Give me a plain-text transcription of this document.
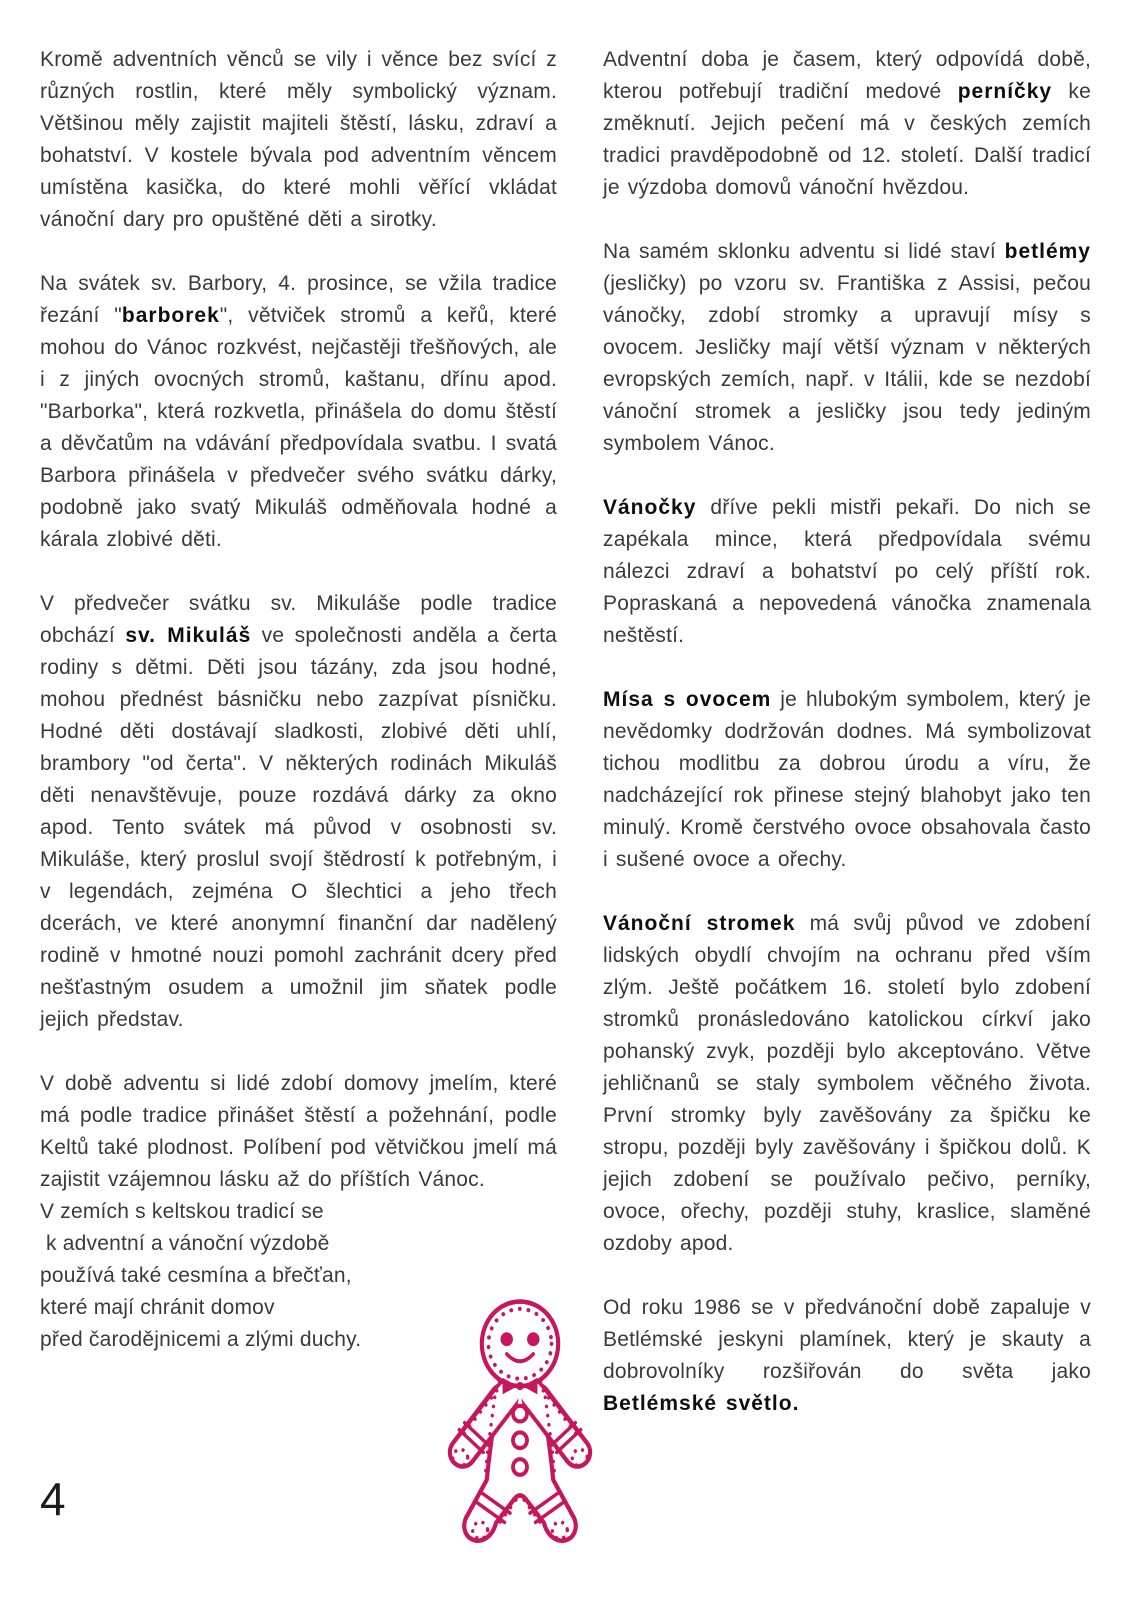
Kromě adventních věnců se vily i věnce bez svící z různých rostlin, které měly symbolický význam. Většinou měly zajistit majiteli štěstí, lásku, zdraví a bohatství. V kostele bývala pod adventním věncem umístěna kasička, do které mohli věřící vkládat vánoční dary pro opuštěné děti a sirotky.

Na svátek sv. Barbory, 4. prosince, se vžila tradice řezání "barborek", větviček stromů a keřů, které mohou do Vánoc rozkvést, nejčastěji třešňových, ale i z jiných ovocných stromů, kaštanu, dřínu apod. "Barborka", která rozkvetla, přinášela do domu štěstí a děvčatům na vdávání předpovídala svatbu. I svatá Barbora přinášela v předvečer svého svátku dárky, podobně jako svatý Mikuláš odměňovala hodné a kárala zlobivé děti.

V předvečer svátku sv. Mikuláše podle tradice obchází sv. Mikuláš ve společnosti anděla a čerta rodiny s dětmi. Děti jsou tázány, zda jsou hodné, mohou přednést básničku nebo zazpívat písničku. Hodné děti dostávají sladkosti, zlobivé děti uhlí, brambory "od čerta". V některých rodinách Mikuláš děti nenavštěvuje, pouze rozdává dárky za okno apod. Tento svátek má původ v osobnosti sv. Mikuláše, který proslul svojí štědrostí k potřebným, i v legendách, zejména O šlechtici a jeho třech dcerách, ve které anonymní finanční dar nadělený rodině v hmotné nouzi pomohl zachránit dcery před nešťastným osudem a umožnil jim sňatek podle jejich představ.

V době adventu si lidé zdobí domovy jmelím, které má podle tradice přinášet štěstí a požehnání, podle Keltů také plodnost. Políbení pod větvičkou jmelí má zajistit vzájemnou lásku až do příštích Vánoc.

V zemích s keltskou tradicí se
k adventní a vánoční výzdobě
používá také cesmína a břečťan,
které mají chránit domov
před čarodějnicemi a zlými duchy.

Adventní doba je časem, který odpovídá době, kterou potřebují tradiční medové perníčky ke změknutí. Jejich pečení má v českých zemích tradici pravděpodobně od 12. století. Další tradicí je výzdoba domovů vánoční hvězdou.

Na samém sklonku adventu si lidé staví betlémy (jesličky) po vzoru sv. Františka z Assisi, pečou vánočky, zdobí stromky a upravují mísy s ovocem. Jesličky mají větší význam v některých evropských zemích, např. v Itálii, kde se nezdobí vánoční stromek a jesličky jsou tedy jediným symbolem Vánoc.

Vánočky dříve pekli mistři pekaři. Do nich se zapékala mince, která předpovídala svému nálezci zdraví a bohatství po celý příští rok. Popraskaná a nepovedená vánočka znamenala neštěstí.

Mísa s ovocem je hlubokým symbolem, který je nevědomky dodržován dodnes. Má symbolizovat tichou modlitbu za dobrou úrodu a víru, že nadcházející rok přinese stejný blahobyt jako ten minulý. Kromě čerstvého ovoce obsahovala často i sušené ovoce a ořechy.

Vánoční stromek má svůj původ ve zdobení lidských obydlí chvojím na ochranu před vším zlým. Ještě počátkem 16. století bylo zdobení stromků pronásledováno katolickou církví jako pohanský zvyk, později bylo akceptováno. Větve jehličnanů se staly symbolem věčného života. První stromky byly zavěšovány za špičku ke stropu, později byly zavěšovány i špičkou dolů. K jejich zdobení se používalo pečivo, perníky, ovoce, ořechy, později stuhy, kraslice, slaměné ozdoby apod.

Od roku 1986 se v předvánoční době zapaluje v Betlémské jeskyni plamínek, který je skauty a dobrovolníky rozšiřován do světa jako Betlémské světlo.

4
